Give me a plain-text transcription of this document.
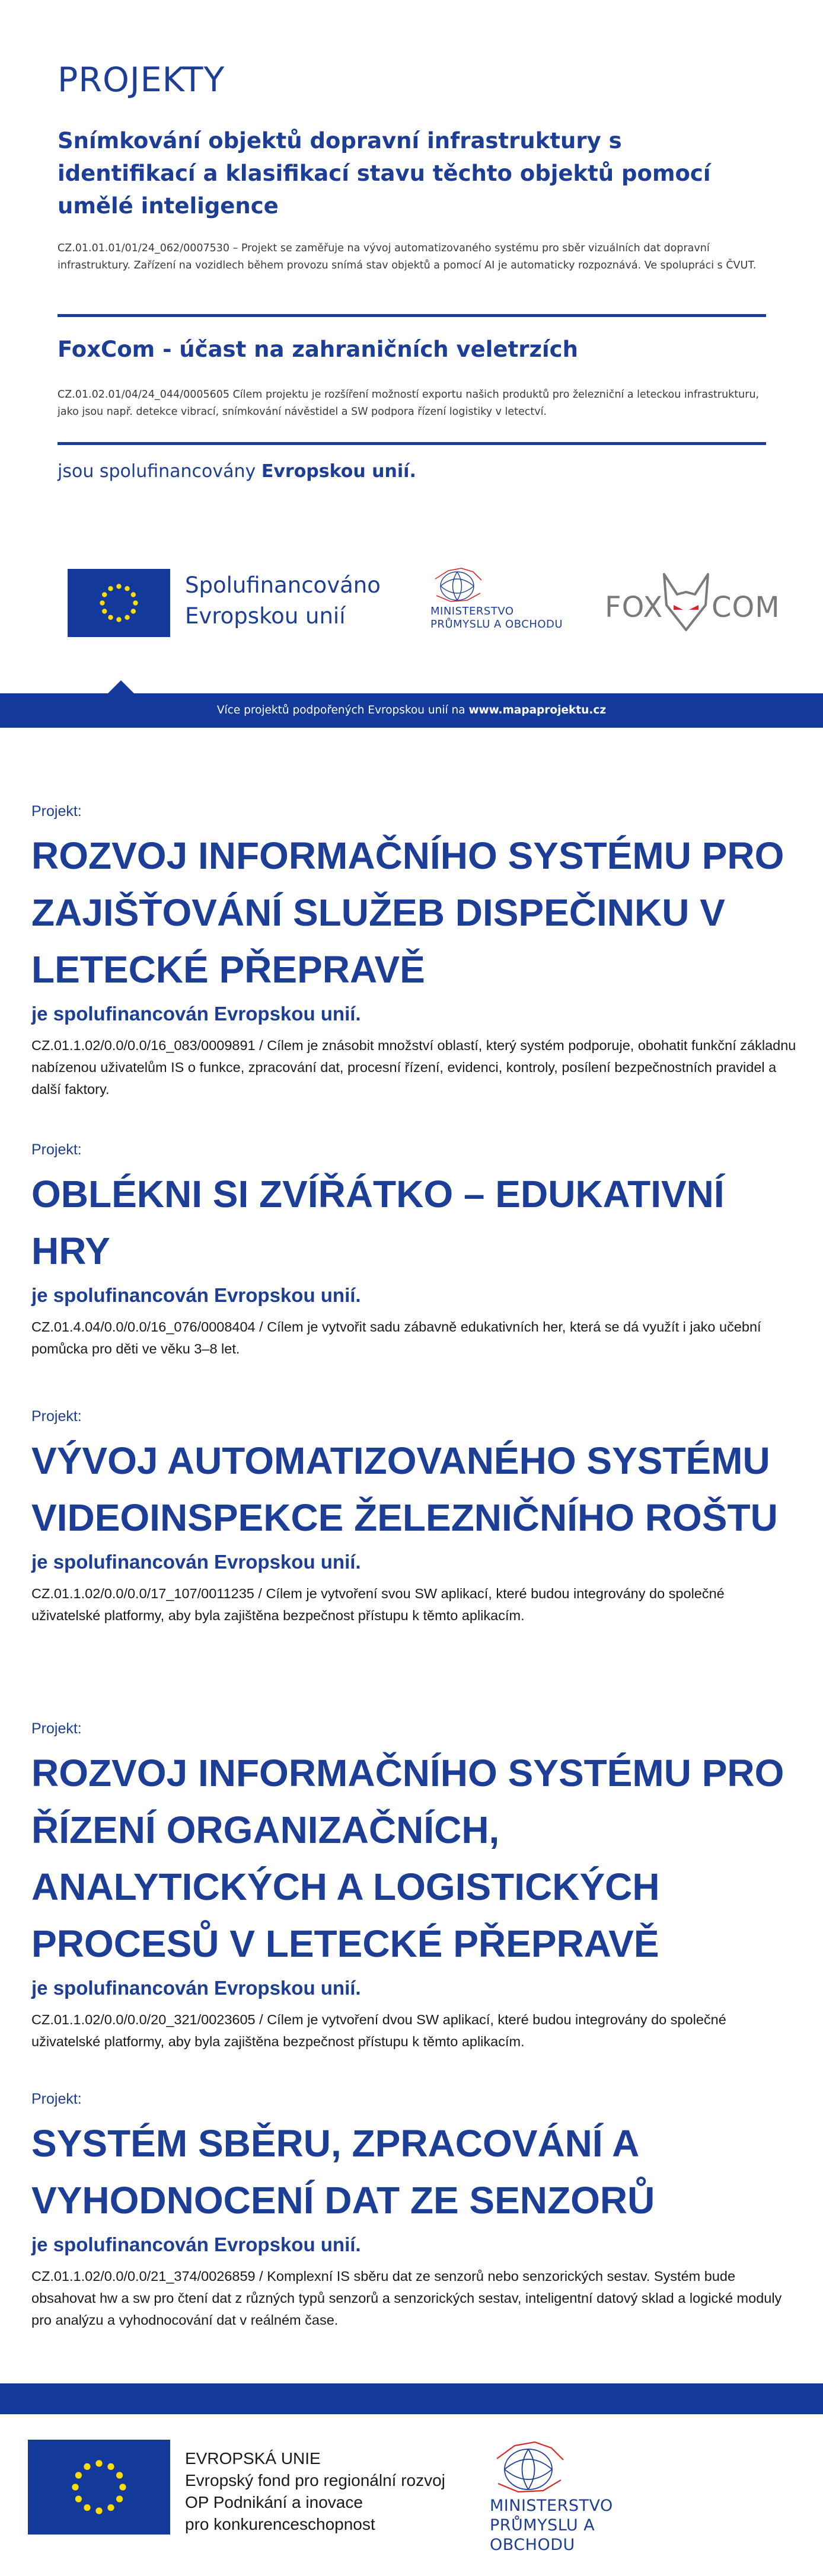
PROJEKTY
Snímkování objektů dopravní infrastruktury s identifikací a klasifikací stavu těchto objektů pomocí umělé inteligence

CZ.01.01.01/01/24_062/0007530 – Projekt se zaměřuje na vývoj automatizovaného systému pro sběr vizuálních dat dopravní infrastruktury. Zařízení na vozidlech během provozu snímá stav objektů a pomocí AI je automaticky rozpoznává. Ve spolupráci s ČVUT.

FoxCom - účast na zahraničních veletrzích

CZ.01.02.01/04/24_044/0005605 Cílem projektu je rozšíření možností exportu našich produktů pro železniční a leteckou infrastrukturu, jako jsou např. detekce vibrací, snímkování návěstidel a SW podpora řízení logistiky v letectví.

jsou spolufinancovány Evropskou unií.

Spolufinancováno
Evropskou unií	MINISTERSTVO
PRŮMYSLU A OBCHODU
FOX COM

Více projektů podpořených Evropskou unií na www.mapaprojektu.cz

Projekt:

ROZVOJ INFORMAČNÍHO SYSTÉMU PRO ZAJIŠŤOVÁNÍ SLUŽEB DISPEČINKU V LETECKÉ PŘEPRAVĚ

je spolufinancován Evropskou unií.

CZ.01.1.02/0.0/0.0/16_083/0009891 / Cílem je znásobit množství oblastí, který systém podporuje, obohatit funkční základnu nabízenou uživatelům IS o funkce, zpracování dat, procesní řízení, evidenci, kontroly, posílení bezpečnostních pravidel a další faktory.

Projekt:

OBLÉKNI SI ZVÍŘÁTKO – EDUKATIVNÍ HRY

je spolufinancován Evropskou unií.

CZ.01.4.04/0.0/0.0/16_076/0008404 / Cílem je vytvořit sadu zábavně edukativních her, která se dá využít i jako učební pomůcka pro děti ve věku 3–8 let.

Projekt:

VÝVOJ AUTOMATIZOVANÉHO SYSTÉMU VIDEOINSPEKCE ŽELEZNIČNÍHO ROŠTU

je spolufinancován Evropskou unií.

CZ.01.1.02/0.0/0.0/17_107/0011235 / Cílem je vytvoření svou SW aplikací, které budou integrovány do společné uživatelské platformy, aby byla zajištěna bezpečnost přístupu k těmto aplikacím.

Projekt:

ROZVOJ INFORMAČNÍHO SYSTÉMU PRO ŘÍZENÍ ORGANIZAČNÍCH, ANALYTICKÝCH A LOGISTICKÝCH PROCESŮ V LETECKÉ PŘEPRAVĚ

je spolufinancován Evropskou unií.

CZ.01.1.02/0.0/0.0/20_321/0023605 / Cílem je vytvoření dvou SW aplikací, které budou integrovány do společné uživatelské platformy, aby byla zajištěna bezpečnost přístupu k těmto aplikacím.

Projekt:

SYSTÉM SBĚRU, ZPRACOVÁNÍ A VYHODNOCENÍ DAT ZE SENZORŮ

je spolufinancován Evropskou unií.

CZ.01.1.02/0.0/0.0/21_374/0026859 / Komplexní IS sběru dat ze senzorů nebo senzorických sestav. Systém bude obsahovat hw a sw pro čtení dat z různých typů senzorů a senzorických sestav, inteligentní datový sklad a logické moduly pro analýzu a vyhodnocování dat v reálném čase.

EVROPSKÁ UNIE
Evropský fond pro regionální rozvoj
OP Podnikání a inovace
pro konkurenceschopnost
MINISTERSTVO
PRŮMYSLU A OBCHODU
